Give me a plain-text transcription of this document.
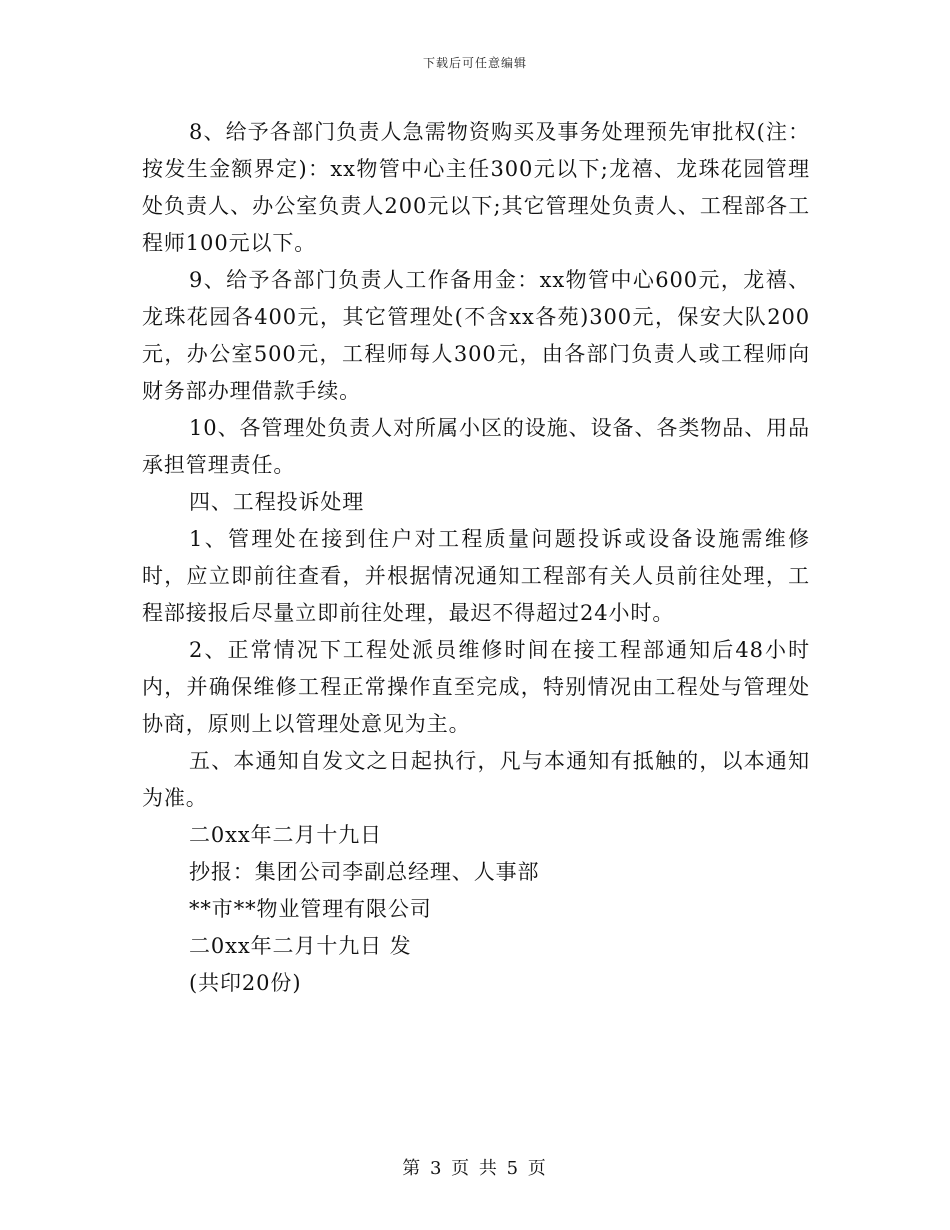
下载后可任意编辑

8、给予各部门负责人急需物资购买及事务处理预先审批权(注：按发生金额界定)：xx物管中心主任300元以下;龙禧、龙珠花园管理处负责人、办公室负责人200元以下;其它管理处负责人、工程部各工程师100元以下。

9、给予各部门负责人工作备用金：xx物管中心600元，龙禧、龙珠花园各400元，其它管理处(不含xx各苑)300元，保安大队200元，办公室500元，工程师每人300元，由各部门负责人或工程师向财务部办理借款手续。

10、各管理处负责人对所属小区的设施、设备、各类物品、用品承担管理责任。

四、工程投诉处理

1、管理处在接到住户对工程质量问题投诉或设备设施需维修时，应立即前往查看，并根据情况通知工程部有关人员前往处理，工程部接报后尽量立即前往处理，最迟不得超过24小时。

2、正常情况下工程处派员维修时间在接工程部通知后48小时内，并确保维修工程正常操作直至完成，特别情况由工程处与管理处协商，原则上以管理处意见为主。

五、本通知自发文之日起执行，凡与本通知有抵触的，以本通知为准。

二0xx年二月十九日

抄报：集团公司李副总经理、人事部

**市**物业管理有限公司

二0xx年二月十九日 发

(共印20份)

第 3 页 共 5 页
